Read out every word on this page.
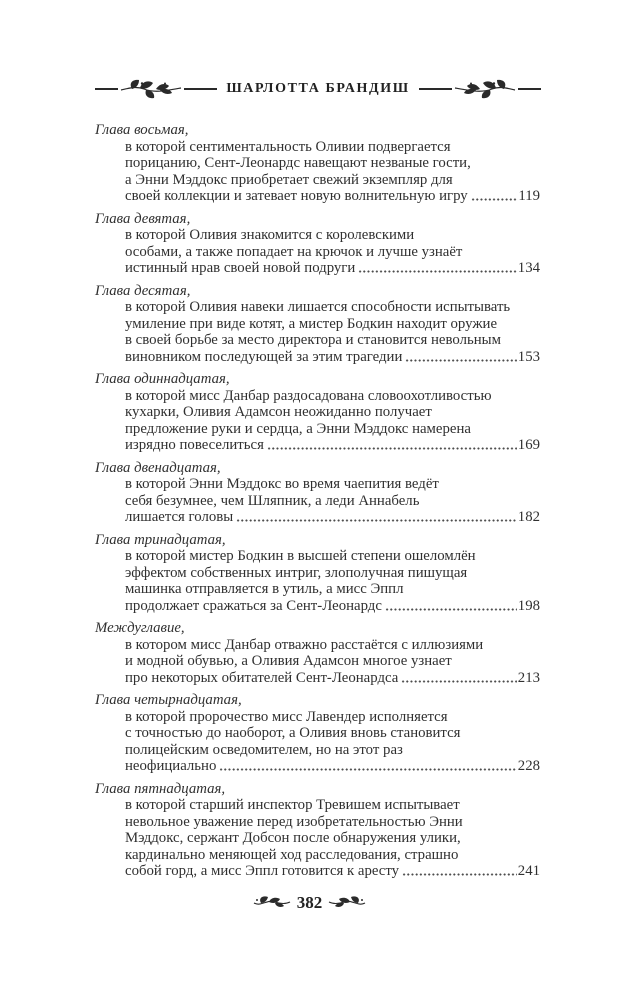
ШАРЛОТТА БРАНДИШ
Глава восьмая,
в которой сентиментальность Оливии подвергается
порицанию, Сент-Леонардс навещают незваные гости,
а Энни Мэддокс приобретает свежий экземпляр для
своей коллекции и затевает новую волнительную игру	119
Глава девятая,
в которой Оливия знакомится с королевскими
особами, а также попадает на крючок и лучше узнаёт
истинный нрав своей новой подруги	134
Глава десятая,
в которой Оливия навеки лишается способности испытывать
умиление при виде котят, а мистер Бодкин находит оружие
в своей борьбе за место директора и становится невольным
виновником последующей за этим трагедии	153
Глава одиннадцатая,
в которой мисс Данбар раздосадована словоохотливостью
кухарки, Оливия Адамсон неожиданно получает
предложение руки и сердца, а Энни Мэддокс намерена
изрядно повеселиться	169
Глава двенадцатая,
в которой Энни Мэддокс во время чаепития ведёт
себя безумнее, чем Шляпник, а леди Аннабель
лишается головы	182
Глава тринадцатая,
в которой мистер Бодкин в высшей степени ошеломлён
эффектом собственных интриг, злополучная пишущая
машинка отправляется в утиль, а мисс Эппл
продолжает сражаться за Сент-Леонардс	198
Междуглавие,
в котором мисс Данбар отважно расстаётся с иллюзиями
и модной обувью, а Оливия Адамсон многое узнает
про некоторых обитателей Сент-Леонардса	213
Глава четырнадцатая,
в которой пророчество мисс Лавендер исполняется
с точностью до наоборот, а Оливия вновь становится
полицейским осведомителем, но на этот раз
неофициально	228
Глава пятнадцатая,
в которой старший инспектор Тревишем испытывает
невольное уважение перед изобретательностью Энни
Мэддокс, сержант Добсон после обнаружения улики,
кардинально меняющей ход расследования, страшно
собой горд, а мисс Эппл готовится к аресту	241
382
